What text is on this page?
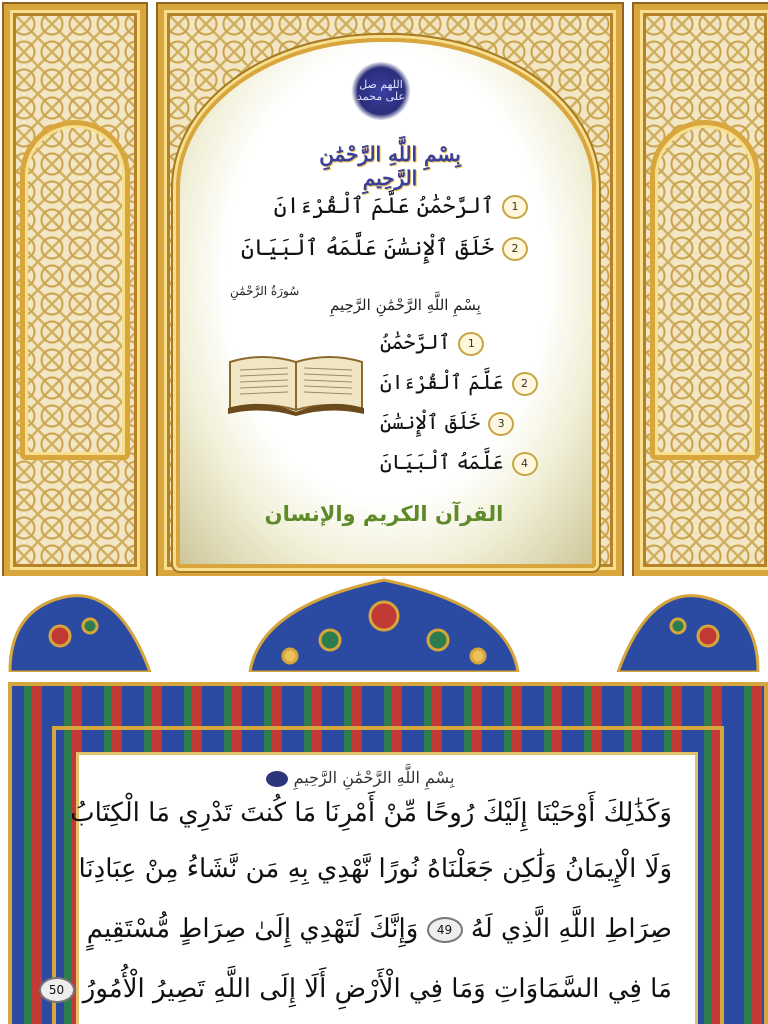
اللهم صل على محمد
بِسْمِ اللَّهِ الرَّحْمَٰنِ الرَّحِيمِ
1ٱلرَّحْمَٰنُ عَلَّمَ ٱلْقُرْءَانَ
2خَلَقَ ٱلْإِنسَٰنَ عَلَّمَهُ ٱلْبَيَانَ
سُورَةُ الرَّحْمَٰنِ
بِسْمِ اللَّهِ الرَّحْمَٰنِ الرَّحِيمِ
1ٱلرَّحْمَٰنُ
2عَلَّمَ ٱلْقُرْءَانَ
3خَلَقَ ٱلْإِنسَٰنَ
4عَلَّمَهُ ٱلْبَيَانَ
القرآن الكريم والإنسان
بِسْمِ اللَّهِ الرَّحْمَٰنِ الرَّحِيمِ
وَكَذَٰلِكَ أَوْحَيْنَا إِلَيْكَ رُوحًا مِّنْ أَمْرِنَا مَا كُنتَ تَدْرِي مَا الْكِتَابُ
وَلَا الْإِيمَانُ وَلَٰكِن جَعَلْنَاهُ نُورًا نَّهْدِي بِهِ مَن نَّشَاءُ مِنْ عِبَادِنَا
صِرَاطِ اللَّهِ الَّذِي لَهُ 49 وَإِنَّكَ لَتَهْدِي إِلَىٰ صِرَاطٍ مُّسْتَقِيمٍ
مَا فِي السَّمَاوَاتِ وَمَا فِي الْأَرْضِ أَلَا إِلَى اللَّهِ تَصِيرُ الْأُمُورُ 50
